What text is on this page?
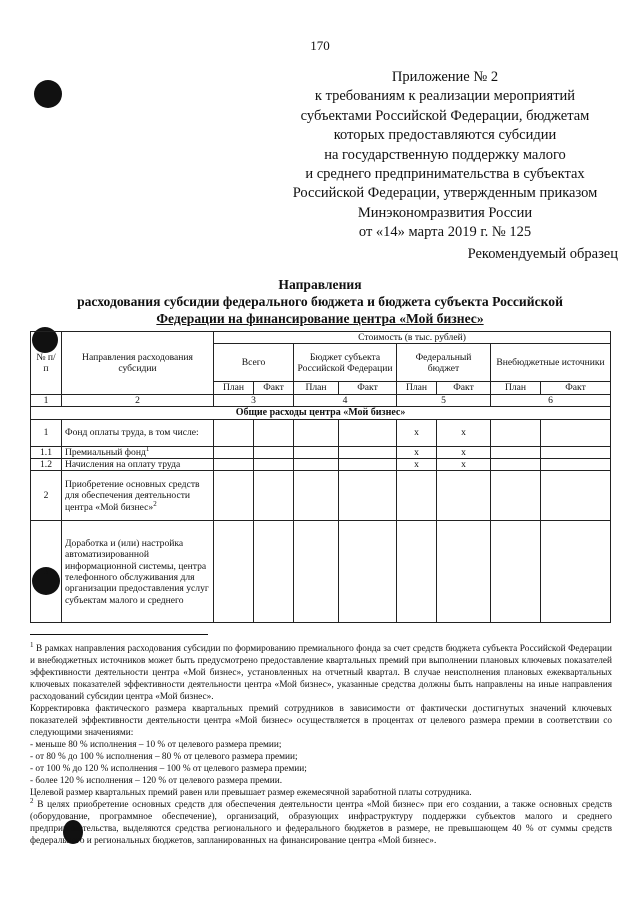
170
Приложение № 2
к требованиям к реализации мероприятий
субъектами Российской Федерации, бюджетам
которых предоставляются субсидии
на государственную поддержку малого
и среднего предпринимательства в субъектах
Российской Федерации, утвержденным приказом
Минэкономразвития России
от «14» марта 2019 г. № 125
Рекомендуемый образец
Направления
расходования субсидии федерального бюджета и бюджета субъекта Российской
Федерации на финансирование центра «Мой бизнес»
№ п/п	Направления расходования субсидии	Стоимость (в тыс. рублей)							
		Всего		Бюджет субъекта Российской Федерации		Федеральный бюджет		Внебюджетные источники	
		План	Факт	План	Факт	План	Факт	План	Факт
1	2	3		4		5		6	
Общие расходы центра «Мой бизнес»									
1	Фонд оплаты труда, в том числе:					x	x		
1.1	Премиальный фонд$^1$					x	x		
1.2	Начисления на оплату труда					x	x		
2	Приобретение основных средств для обеспечения деятельности центра «Мой бизнес»$^2$								
3	Доработка и (или) настройка автоматизированной информационной системы, центра телефонного обслуживания для организации предоставления услуг субъектам малого и среднего								

$^1$ В рамках направления расходования субсидии по формированию премиального фонда за счет средств бюджета субъекта Российской Федерации и внебюджетных источников может быть предусмотрено предоставление квартальных премий при выполнении плановых ключевых показателей эффективности деятельности центра «Мой бизнес», установленных на отчетный квартал. В случае неисполнения плановых ежеквартальных ключевых показателей эффективности деятельности центра «Мой бизнес», указанные средства должны быть направлены на иные направления расходований субсидии центра «Мой бизнес».

Корректировка фактического размера квартальных премий сотрудников в зависимости от фактически достигнутых значений ключевых показателей эффективности деятельности центра «Мой бизнес» осуществляется в процентах от целевого размера премии в соответствии со следующими значениями:

- меньше 80 % исполнения – 10 % от целевого размера премии;

- от 80 % до 100 % исполнения – 80 % от целевого размера премии;

- от 100 % до 120 % исполнения – 100 % от целевого размера премии;

- более 120 % исполнения – 120 % от целевого размера премии.

Целевой размер квартальных премий равен или превышает размер ежемесячной заработной платы сотрудника.

$^2$ В целях приобретение основных средств для обеспечения деятельности центра «Мой бизнес» при его создании, а также основных средств (оборудование, программное обеспечение), организаций, образующих инфраструктуру поддержки субъектов малого и среднего предпринимательства, выделяются средства регионального и федерального бюджетов в размере, не превышающем 40 % от суммы средств федерального и региональных бюджетов, запланированных на финансирование центра «Мой бизнес».
